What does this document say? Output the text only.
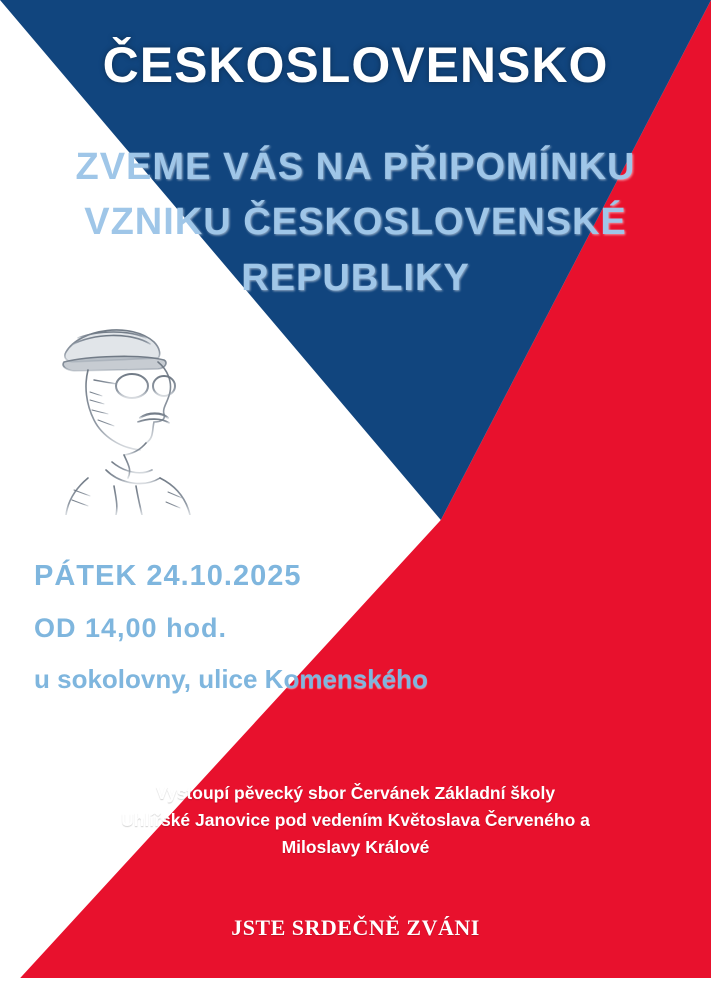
ČESKOSLOVENSKO
ZVEME VÁS NA PŘIPOMÍNKU
VZNIKU ČESKOSLOVENSKÉ
REPUBLIKY
PÁTEK 24.10.2025
OD 14,00 hod.
u sokolovny, ulice Komenského
Vystoupí pěvecký sbor Červánek Základní školy
Uhlířské Janovice pod vedením Květoslava Červeného a
Miloslavy Králové
JSTE SRDEČNĚ ZVÁNI
